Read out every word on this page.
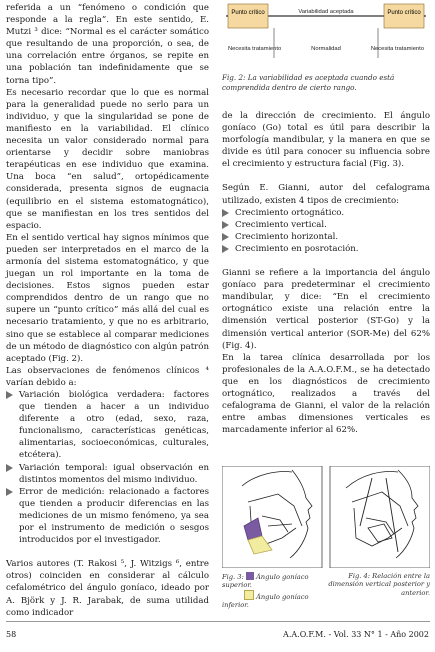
referida a un “fenómeno o condición que responde a la regla”. En este sentido, E. Mutzi ³ dice: “Normal es el carácter somático que resultando de una proporción, o sea, de una correlación entre órganos, se repite en una población tan indefinidamente que se torna tipo”.

Es necesario recordar que lo que es normal para la generalidad puede no serlo para un individuo, y que la singularidad se pone de manifiesto en la variabilidad. El clínico necesita un valor considerado normal para orientarse y decidir sobre maniobras terapéuticas en ese individuo que examina. Una boca “en salud”, ortopédicamente considerada, presenta signos de eugnacia (equilibrio en el sistema estomatognático), que se manifiestan en los tres sentidos del espacio.

En el sentido vertical hay signos mínimos que pueden ser interpretados en el marco de la armonía del sistema estomatognático, y que juegan un rol importante en la toma de decisiones. Estos signos pueden estar comprendidos dentro de un rango que no supere un “punto crítico” más allá del cual es necesario tratamiento, y que no es arbitrario, sino que se establece al comparar mediciones de un método de diagnóstico con algún patrón aceptado (Fig. 2).

Las observaciones de fenómenos clínicos ⁴ varían debido a:

Variación biológica verdadera: factores que tienden a hacer a un individuo diferente a otro (edad, sexo, raza, funcionalismo, características genéticas, alimentarias, socioeconómicas, culturales, etcétera).

Variación temporal: igual observación en distintos momentos del mismo individuo.

Error de medición: relacionado a factores que tienden a producir diferencias en las mediciones de un mismo fenómeno, ya sea por el instrumento de medición o sesgos introducidos por el investigador.

Varios autores (T. Rakosi ⁵, J. Witzigs ⁶, entre otros) coinciden en considerar al cálculo cefalométrico del ángulo goníaco, ideado por A. Björk y J. R. Jarabak, de suma utilidad como indicador

Punto crítico	Punto crítico
Variabilidad aceptada
Necesita tratamiento	Normalidad	Necesita tratamiento
Fig. 2: La variabilidad es aceptada cuando está comprendida dentro de cierto rango.

de la dirección de crecimiento. El ángulo goníaco (Go) total es útil para describir la morfología mandibular, y la manera en que se divide es útil para conocer su influencia sobre el crecimiento y estructura facial (Fig. 3).

Según E. Gianni, autor del cefalograma utilizado, existen 4 tipos de crecimiento:

Crecimiento ortognático.

Crecimiento vertical.

Crecimiento horizontal.

Crecimiento en posrotación.

Gianni se refiere a la importancia del ángulo goníaco para predeterminar el crecimiento mandibular, y dice: “En el crecimiento ortognático existe una relación entre la dimensión vertical posterior (ST-Go) y la dimensión vertical anterior (SOR-Me) del 62% (Fig. 4).

En la tarea clínica desarrollada por los profesionales de la A.A.O.F.M., se ha detectado que en los diagnósticos de crecimiento ortognático, realizados a través del cefalograma de Gianni, el valor de la relación entre ambas dimensiones verticales es marcadamente inferior al 62%.

Fig. 3: Ángulo goníaco superior.
Ángulo goníaco inferior.
Fig. 4: Relación entre la dimensión vertical posterior y anterior.
58	A.A.O.F.M. - Vol. 33 N° 1 - Año 2002
